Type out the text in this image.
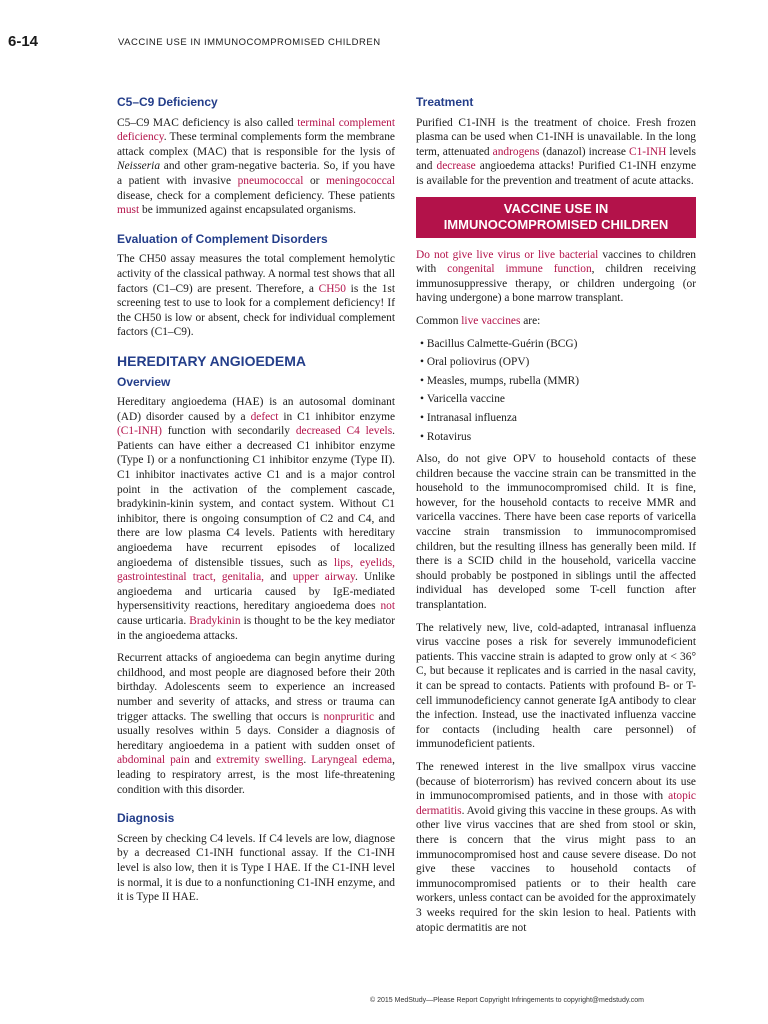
6-14	VACCINE USE IN IMMUNOCOMPROMISED CHILDREN
C5–C9 Deficiency

C5–C9 MAC deficiency is also called terminal complement deficiency. These terminal complements form the membrane attack complex (MAC) that is responsible for the lysis of Neisseria and other gram-negative bacteria. So, if you have a patient with invasive pneumococcal or meningococcal disease, check for a complement deficiency. These patients must be immunized against encapsulated organisms.

Evaluation of Complement Disorders

The CH50 assay measures the total complement hemolytic activity of the classical pathway. A normal test shows that all factors (C1–C9) are present. Therefore, a CH50 is the 1st screening test to use to look for a complement deficiency! If the CH50 is low or absent, check for individual complement factors (C1–C9).

HEREDITARY ANGIOEDEMA
Overview

Hereditary angioedema (HAE) is an autosomal dominant (AD) disorder caused by a defect in C1 inhibitor enzyme (C1-INH) function with secondarily decreased C4 levels. Patients can have either a decreased C1 inhibitor enzyme (Type I) or a nonfunctioning C1 inhibitor enzyme (Type II). C1 inhibitor inactivates active C1 and is a major control point in the activation of the complement cascade, bradykinin-kinin system, and contact system. Without C1 inhibitor, there is ongoing consumption of C2 and C4, and there are low plasma C4 levels. Patients with hereditary angioedema have recurrent episodes of localized angioedema of distensible tissues, such as lips, eyelids, gastrointestinal tract, genitalia, and upper airway. Unlike angioedema and urticaria caused by IgE-mediated hypersensitivity reactions, hereditary angioedema does not cause urticaria. Bradykinin is thought to be the key mediator in the angioedema attacks.

Recurrent attacks of angioedema can begin anytime during childhood, and most people are diagnosed before their 20th birthday. Adolescents seem to experience an increased number and severity of attacks, and stress or trauma can trigger attacks. The swelling that occurs is nonpruritic and usually resolves within 5 days. Consider a diagnosis of hereditary angioedema in a patient with sudden onset of abdominal pain and extremity swelling. Laryngeal edema, leading to respiratory arrest, is the most life-threatening condition with this disorder.

Diagnosis

Screen by checking C4 levels. If C4 levels are low, diagnose by a decreased C1-INH functional assay. If the C1-INH level is also low, then it is Type I HAE. If the C1-INH level is normal, it is due to a nonfunctioning C1-INH enzyme, and it is Type II HAE.

Treatment

Purified C1-INH is the treatment of choice. Fresh frozen plasma can be used when C1-INH is unavailable. In the long term, attenuated androgens (danazol) increase C1-INH levels and decrease angioedema attacks! Purified C1-INH enzyme is available for the prevention and treatment of acute attacks.

VACCINE USE IN
IMMUNOCOMPROMISED CHILDREN

Do not give live virus or live bacterial vaccines to children with congenital immune function, children receiving immunosuppressive therapy, or children undergoing (or having undergone) a bone marrow transplant.

Common live vaccines are:

• Bacillus Calmette-Guérin (BCG)
• Oral poliovirus (OPV)
• Measles, mumps, rubella (MMR)
• Varicella vaccine
• Intranasal influenza
• Rotavirus

Also, do not give OPV to household contacts of these children because the vaccine strain can be transmitted in the household to the immunocompromised child. It is fine, however, for the household contacts to receive MMR and varicella vaccines. There have been case reports of varicella vaccine strain transmission to immunocompromised children, but the resulting illness has generally been mild. If there is a SCID child in the household, varicella vaccine should probably be postponed in siblings until the affected individual has developed some T-cell function after transplantation.

The relatively new, live, cold-adapted, intranasal influenza virus vaccine poses a risk for severely immunodeficient patients. This vaccine strain is adapted to grow only at < 36° C, but because it replicates and is carried in the nasal cavity, it can be spread to contacts. Patients with profound B- or T-cell immunodeficiency cannot generate IgA antibody to clear the infection. Instead, use the inactivated influenza vaccine for contacts (including health care personnel) of immunodeficient patients.

The renewed interest in the live smallpox virus vaccine (because of bioterrorism) has revived concern about its use in immunocompromised patients, and in those with atopic dermatitis. Avoid giving this vaccine in these groups. As with other live virus vaccines that are shed from stool or skin, there is concern that the virus might pass to an immunocompromised host and cause severe disease. Do not give these vaccines to household contacts of immunocompromised patients or to their health care workers, unless contact can be avoided for the approximately 3 weeks required for the skin lesion to heal. Patients with atopic dermatitis are not

© 2015 MedStudy—Please Report Copyright Infringements to copyright@medstudy.com
